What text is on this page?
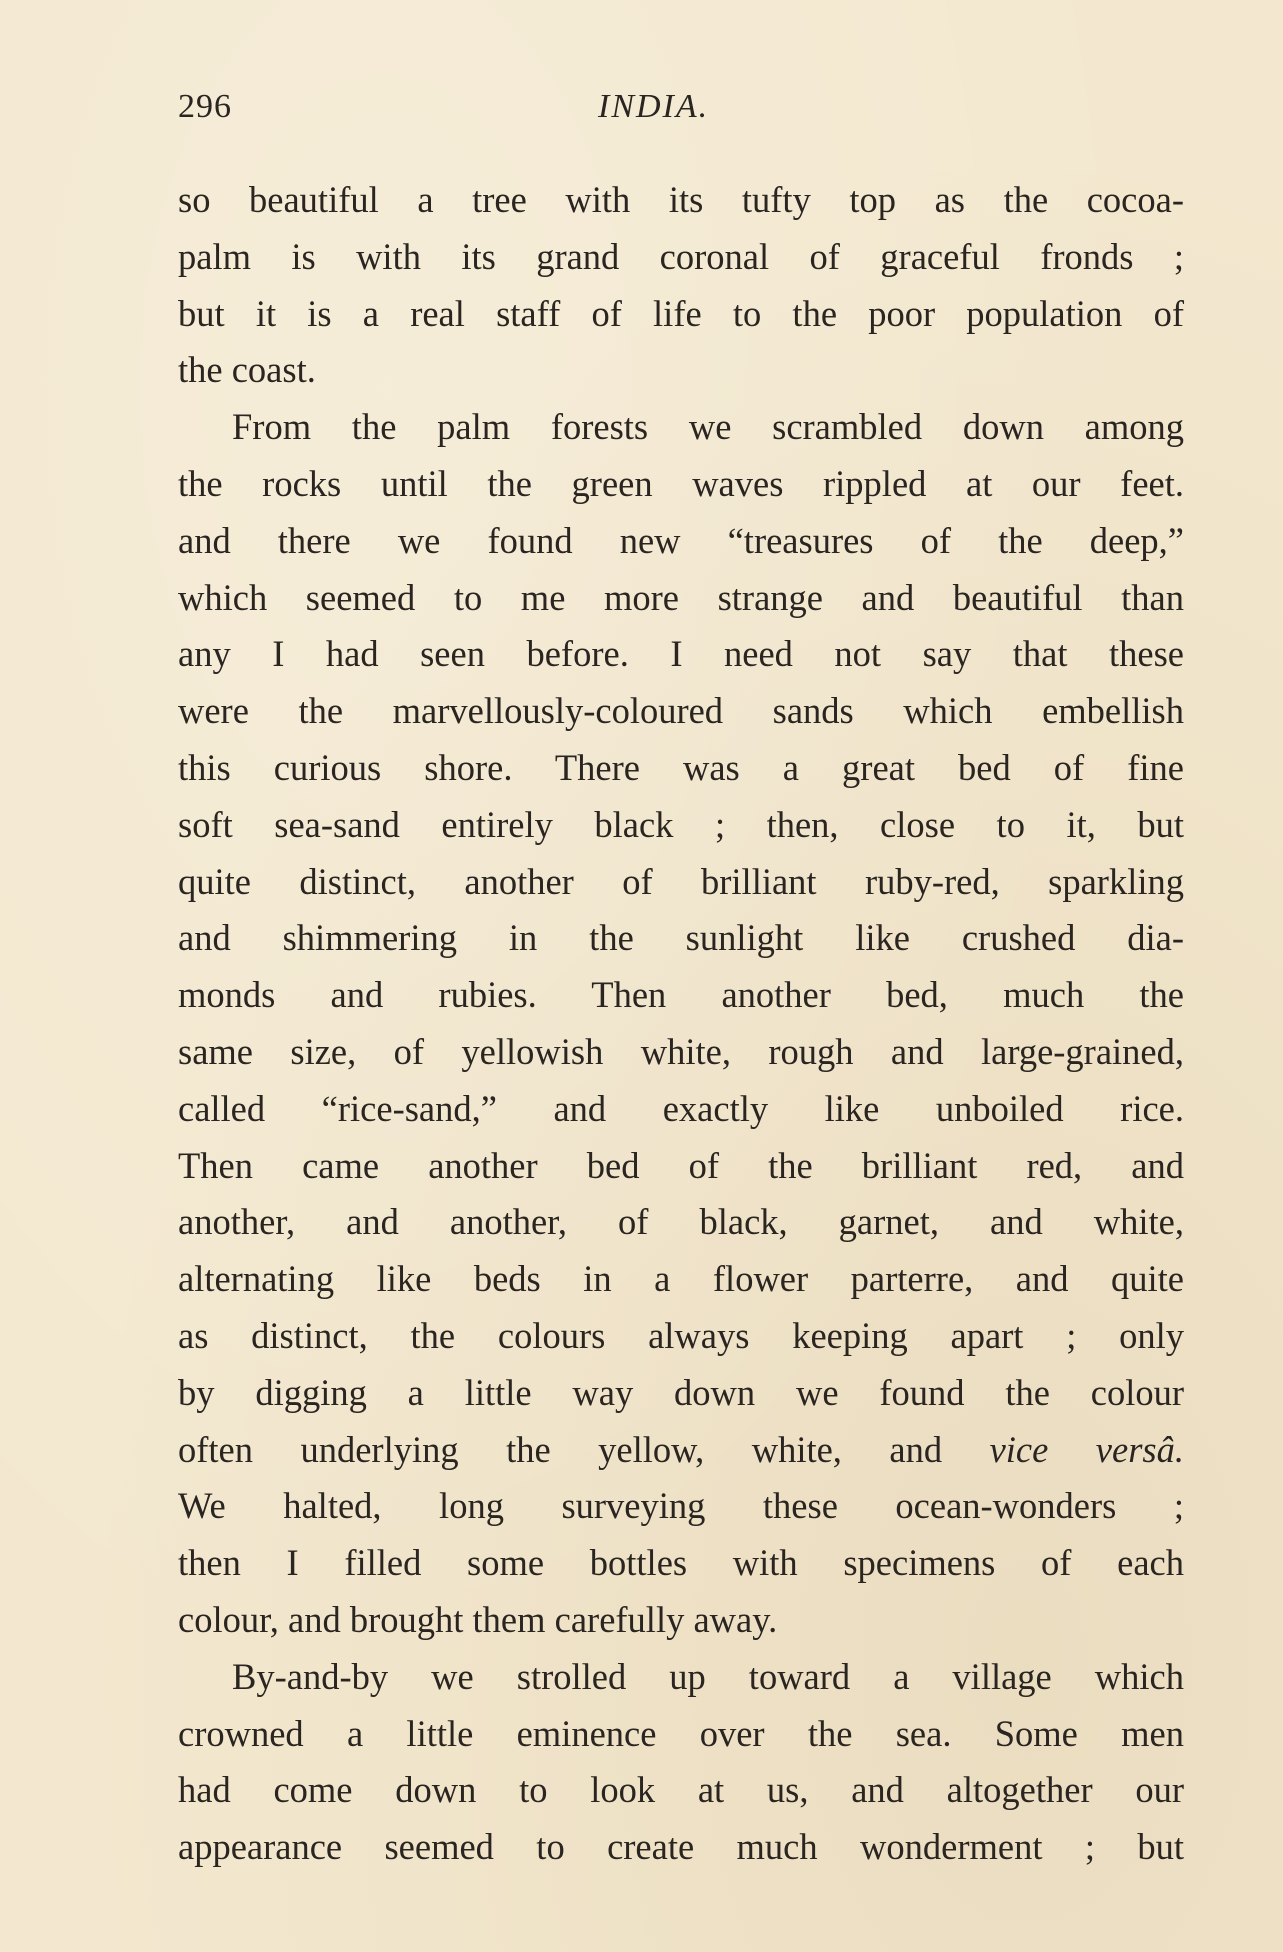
296	INDIA.
so beautiful a tree with its tufty top as the cocoa-
palm is with its grand coronal of graceful fronds ;
but it is a real staff of life to the poor population of
the coast.
From the palm forests we scrambled down among
the rocks until the green waves rippled at our feet.
and there we found new “treasures of the deep,”
which seemed to me more strange and beautiful than
any I had seen before. I need not say that these
were the marvellously-coloured sands which embellish
this curious shore. There was a great bed of fine
soft sea-sand entirely black ; then, close to it, but
quite distinct, another of brilliant ruby-red, sparkling
and shimmering in the sunlight like crushed dia-
monds and rubies. Then another bed, much the
same size, of yellowish white, rough and large-grained,
called “rice-sand,” and exactly like unboiled rice.
Then came another bed of the brilliant red, and
another, and another, of black, garnet, and white,
alternating like beds in a flower parterre, and quite
as distinct, the colours always keeping apart ; only
by digging a little way down we found the colour
often underlying the yellow, white, and vice versâ.
We halted, long surveying these ocean-wonders ;
then I filled some bottles with specimens of each
colour, and brought them carefully away.
By-and-by we strolled up toward a village which
crowned a little eminence over the sea. Some men
had come down to look at us, and altogether our
appearance seemed to create much wonderment ; but
